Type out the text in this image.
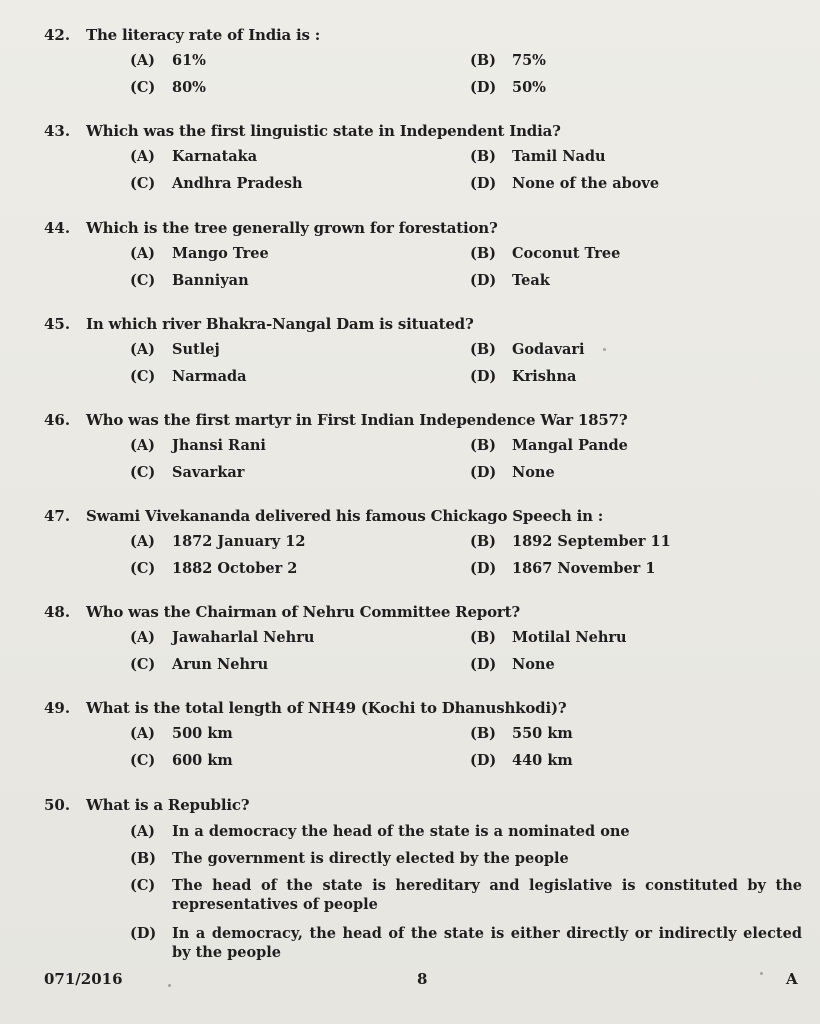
42.	The literacy rate of India is :
(A) 61%	(B) 75%
(C) 80%	(D) 50%
43.	Which was the first linguistic state in Independent India?
(A) Karnataka	(B) Tamil Nadu
(C) Andhra Pradesh	(D) None of the above
44.	Which is the tree generally grown for forestation?
(A) Mango Tree	(B) Coconut Tree
(C) Banniyan	(D) Teak
45.	In which river Bhakra-Nangal Dam is situated?
(A) Sutlej	(B) Godavari
(C) Narmada	(D) Krishna
46.	Who was the first martyr in First Indian Independence War 1857?
(A) Jhansi Rani	(B) Mangal Pande
(C) Savarkar	(D) None
47.	Swami Vivekananda delivered his famous Chickago Speech in :
(A) 1872 January 12	(B) 1892 September 11
(C) 1882 October 2	(D) 1867 November 1
48.	Who was the Chairman of Nehru Committee Report?
(A) Jawaharlal Nehru	(B) Motilal Nehru
(C) Arun Nehru	(D) None
49.	What is the total length of NH49 (Kochi to Dhanushkodi)?
(A) 500 km	(B) 550 km
(C) 600 km	(D) 440 km
50.	What is a Republic?
(A) In a democracy the head of the state is a nominated one
(B) The government is directly elected by the people
(C) The head of the state is hereditary and legislative is constituted by the representatives of people
(D) In a democracy, the head of the state is either directly or indirectly elected by the people
071/2016	8	A
